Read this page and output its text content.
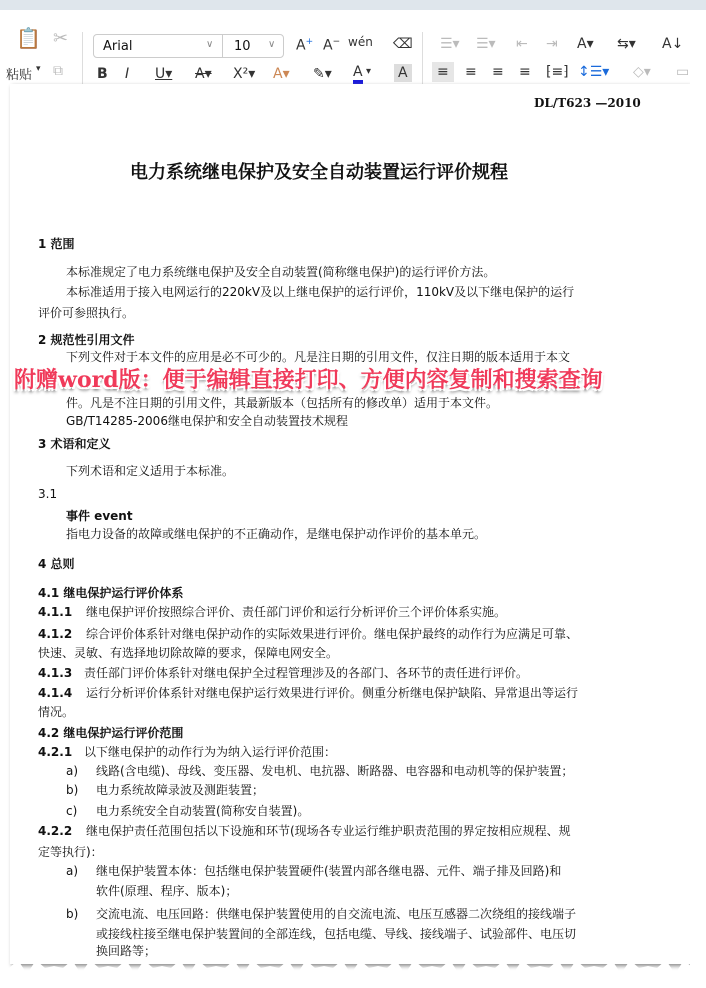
📋 ✂
粘贴 ▾ ⧉
Arial	∨ 10 ∨ A+ A− wén ⌫
B I U▾ A▾ X²▾ A▾ ✎▾ A ▾ A
☰▾ ☰▾ ⇤ ⇥ A▾ ⇆▾ A↓
≡	≡ ≡ ≡ ⁅≡⁆ ↕☰▾ ◇▾ ▭
DL/T623 —2010
电力系统继电保护及安全自动装置运行评价规程
1 范围
本标准规定了电力系统继电保护及安全自动装置(简称继电保护)的运行评价方法。
本标准适用于接入电网运行的220kV及以上继电保护的运行评价，110kV及以下继电保护的运行
评价可参照执行。
2 规范性引用文件
下列文件对于本文件的应用是必不可少的。凡是注日期的引用文件，仅注日期的版本适用于本文
件。凡是不注日期的引用文件，其最新版本（包括所有的修改单）适用于本文件。
GB/T14285-2006继电保护和安全自动装置技术规程
3 术语和定义
下列术语和定义适用于本标准。
3.1
事件 event
指电力设备的故障或继电保护的不正确动作，是继电保护动作评价的基本单元。
4 总则
4.1 继电保护运行评价体系
4.1.1 继电保护评价按照综合评价、责任部门评价和运行分析评价三个评价体系实施。
4.1.2 综合评价体系针对继电保护动作的实际效果进行评价。继电保护最终的动作行为应满足可靠、
快速、灵敏、有选择地切除故障的要求，保障电网安全。
4.1.3 责任部门评价体系针对继电保护全过程管理涉及的各部门、各环节的责任进行评价。
4.1.4 运行分析评价体系针对继电保护运行效果进行评价。侧重分析继电保护缺陷、异常退出等运行
情况。
4.2 继电保护运行评价范围
4.2.1 以下继电保护的动作行为为纳入运行评价范围：
a) 线路(含电缆)、母线、变压器、发电机、电抗器、断路器、电容器和电动机等的保护装置；
b) 电力系统故障录波及测距装置；
c) 电力系统安全自动装置(简称安自装置)。
4.2.2 继电保护责任范围包括以下设施和环节(现场各专业运行维护职责范围的界定按相应规程、规
定等执行)：
a) 继电保护装置本体：包括继电保护装置硬件(装置内部各继电器、元件、端子排及回路)和
软件(原理、程序、版本)；
b) 交流电流、电压回路：供继电保护装置使用的自交流电流、电压互感器二次绕组的接线端子
或接线柱接至继电保护装置间的全部连线，包括电缆、导线、接线端子、试验部件、电压切
换回路等；
附赠word版：便于编辑直接打印、方便内容复制和搜索查询
